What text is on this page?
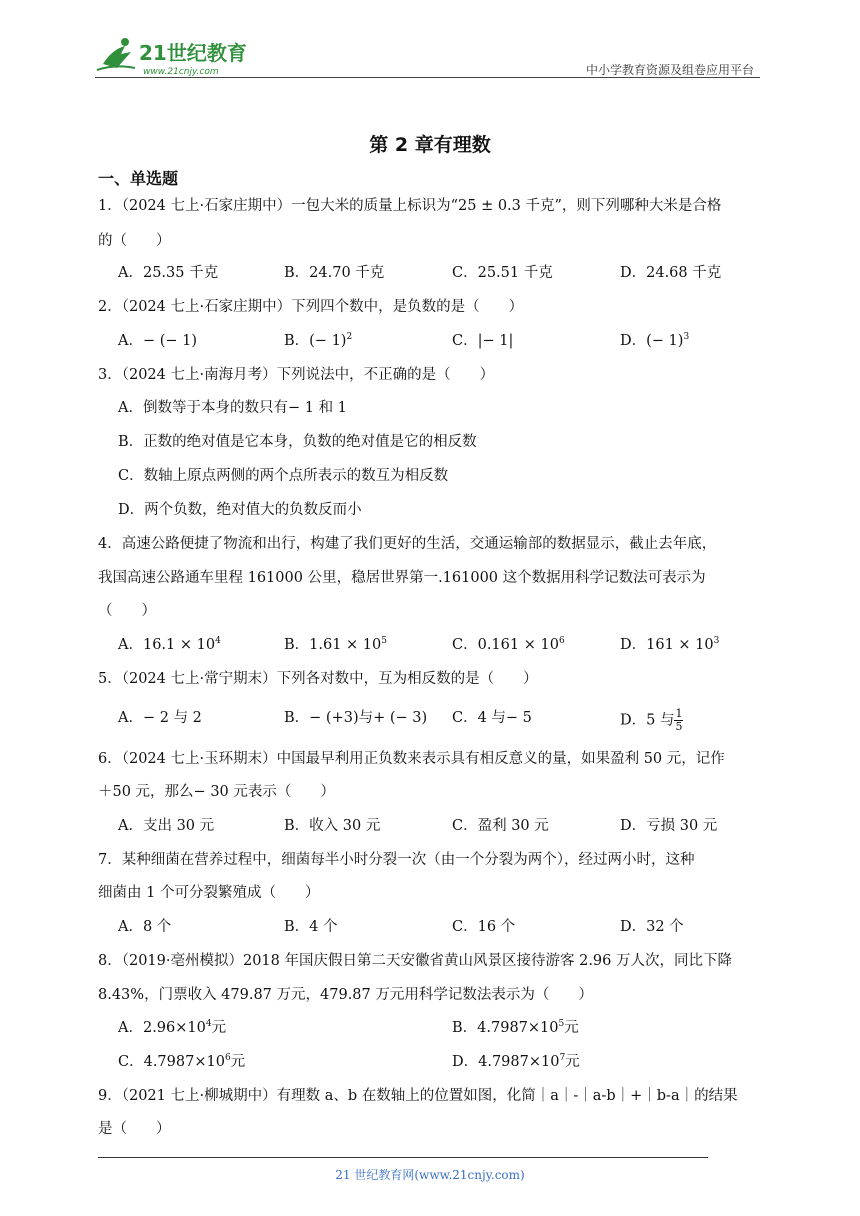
21世纪教育
www.21cnjy.com	中小学教育资源及组卷应用平台
第 2 章有理数
一、单选题
1．（2024 七上·石家庄期中）一包大米的质量上标识为“25 ± 0.3 千克”，则下列哪种大米是合格
的（　　）
A．25.35 千克	B．24.70 千克	C．25.51 千克	D．24.68 千克
2．（2024 七上·石家庄期中）下列四个数中，是负数的是（　　）
A．− (− 1)	B．(− 1)$^2$	C．|− 1|	D．(− 1)$^3$
3．（2024 七上·南海月考）下列说法中，不正确的是（　　）
A．倒数等于本身的数只有− 1 和 1
B．正数的绝对值是它本身，负数的绝对值是它的相反数
C．数轴上原点两侧的两个点所表示的数互为相反数
D．两个负数，绝对值大的负数反而小
4．高速公路便捷了物流和出行，构建了我们更好的生活，交通运输部的数据显示，截止去年底，
我国高速公路通车里程 161000 公里，稳居世界第一.161000 这个数据用科学记数法可表示为
（　　）
A．$16.1 \times 10^4$	B．$1.61 \times 10^5$	C．$0.161 \times 10^6$	D．$161 \times 10^3$
5．（2024 七上·常宁期末）下列各对数中，互为相反数的是（　　）
A．− 2 与 2	B．− (+3)与+ (− 3) C．4 与− 5	D．5 与 $\frac{1}{5}$
6．（2024 七上·玉环期末）中国最早利用正负数来表示具有相反意义的量，如果盈利 50 元，记作
＋50 元，那么− 30 元表示（　　）
A．支出 30 元	B．收入 30 元	C．盈利 30 元	D．亏损 30 元
7．某种细菌在营养过程中，细菌每半小时分裂一次（由一个分裂为两个），经过两小时，这种
细菌由 1 个可分裂繁殖成（　　）
A．8 个	B．4 个	C．16 个	D．32 个
8．（2019·亳州模拟）2018 年国庆假日第二天安徽省黄山风景区接待游客 2.96 万人次，同比下降
8.43%，门票收入 479.87 万元，479.87 万元用科学记数法表示为（　　）
A．$2.96\times 10^4$元	B．$4.7987\times 10^5$元
C．$4.7987\times 10^6$元	D．$4.7987\times 10^7$元
9．（2021 七上·柳城期中）有理数 a、b 在数轴上的位置如图，化简｜a｜-｜a-b｜+｜b-a｜的结果
是（　　）
21 世纪教育网(www.21cnjy.com)
